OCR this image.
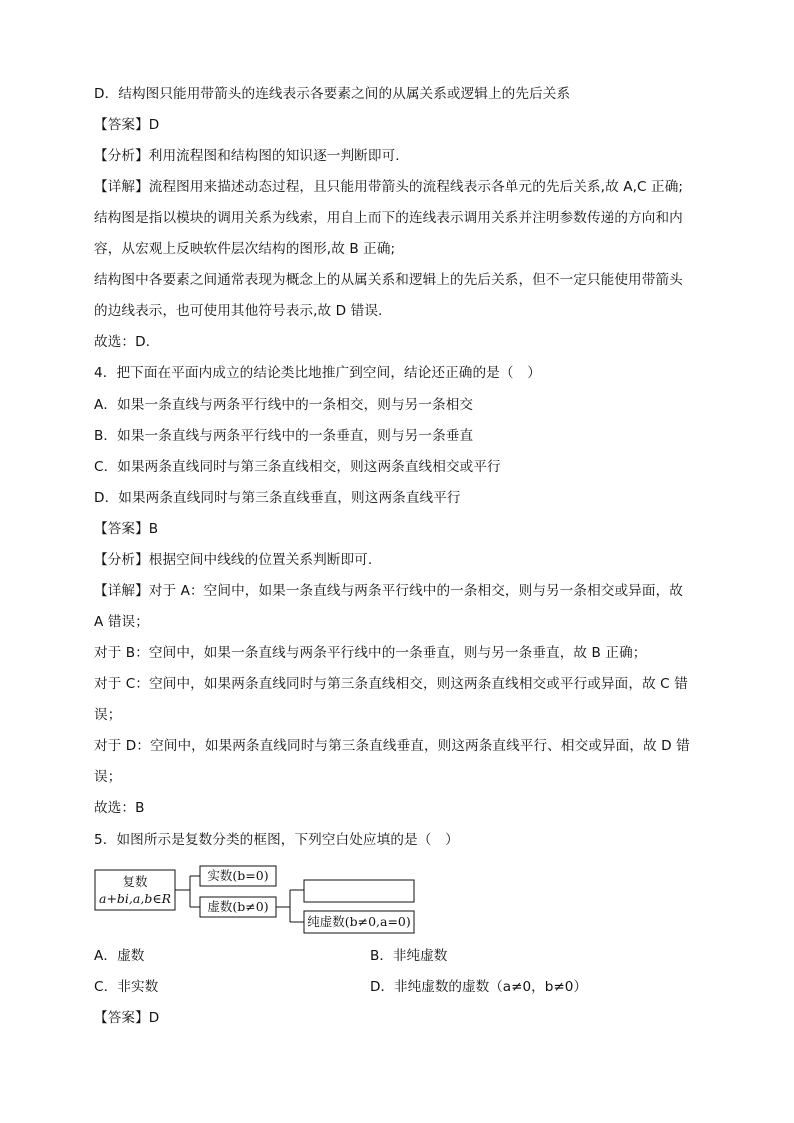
D．结构图只能用带箭头的连线表示各要素之间的从属关系或逻辑上的先后关系
【答案】D
【分析】利用流程图和结构图的知识逐一判断即可.
【详解】流程图用来描述动态过程，且只能用带箭头的流程线表示各单元的先后关系,故 A,C 正确;
结构图是指以模块的调用关系为线索，用自上而下的连线表示调用关系并注明参数传递的方向和内
容，从宏观上反映软件层次结构的图形,故 B 正确;
结构图中各要素之间通常表现为概念上的从属关系和逻辑上的先后关系，但不一定只能使用带箭头
的边线表示，也可使用其他符号表示,故 D 错误.
故选：D.
4．把下面在平面内成立的结论类比地推广到空间，结论还正确的是（　）
A．如果一条直线与两条平行线中的一条相交，则与另一条相交
B．如果一条直线与两条平行线中的一条垂直，则与另一条垂直
C．如果两条直线同时与第三条直线相交，则这两条直线相交或平行
D．如果两条直线同时与第三条直线垂直，则这两条直线平行
【答案】B
【分析】根据空间中线线的位置关系判断即可.
【详解】对于 A：空间中，如果一条直线与两条平行线中的一条相交，则与另一条相交或异面，故
A 错误；
对于 B：空间中，如果一条直线与两条平行线中的一条垂直，则与另一条垂直，故 B 正确；
对于 C：空间中，如果两条直线同时与第三条直线相交，则这两条直线相交或平行或异面，故 C 错
误；
对于 D：空间中，如果两条直线同时与第三条直线垂直，则这两条直线平行、相交或异面，故 D 错
误；
故选：B
5．如图所示是复数分类的框图，下列空白处应填的是（　）
复数
a+bi,a,b∈R
实数(b=0)
虚数(b≠0)
纯虚数(b≠0,a=0)
A．虚数	B．非纯虚数
C．非实数	D．非纯虚数的虚数（a≠0，b≠0）
【答案】D
